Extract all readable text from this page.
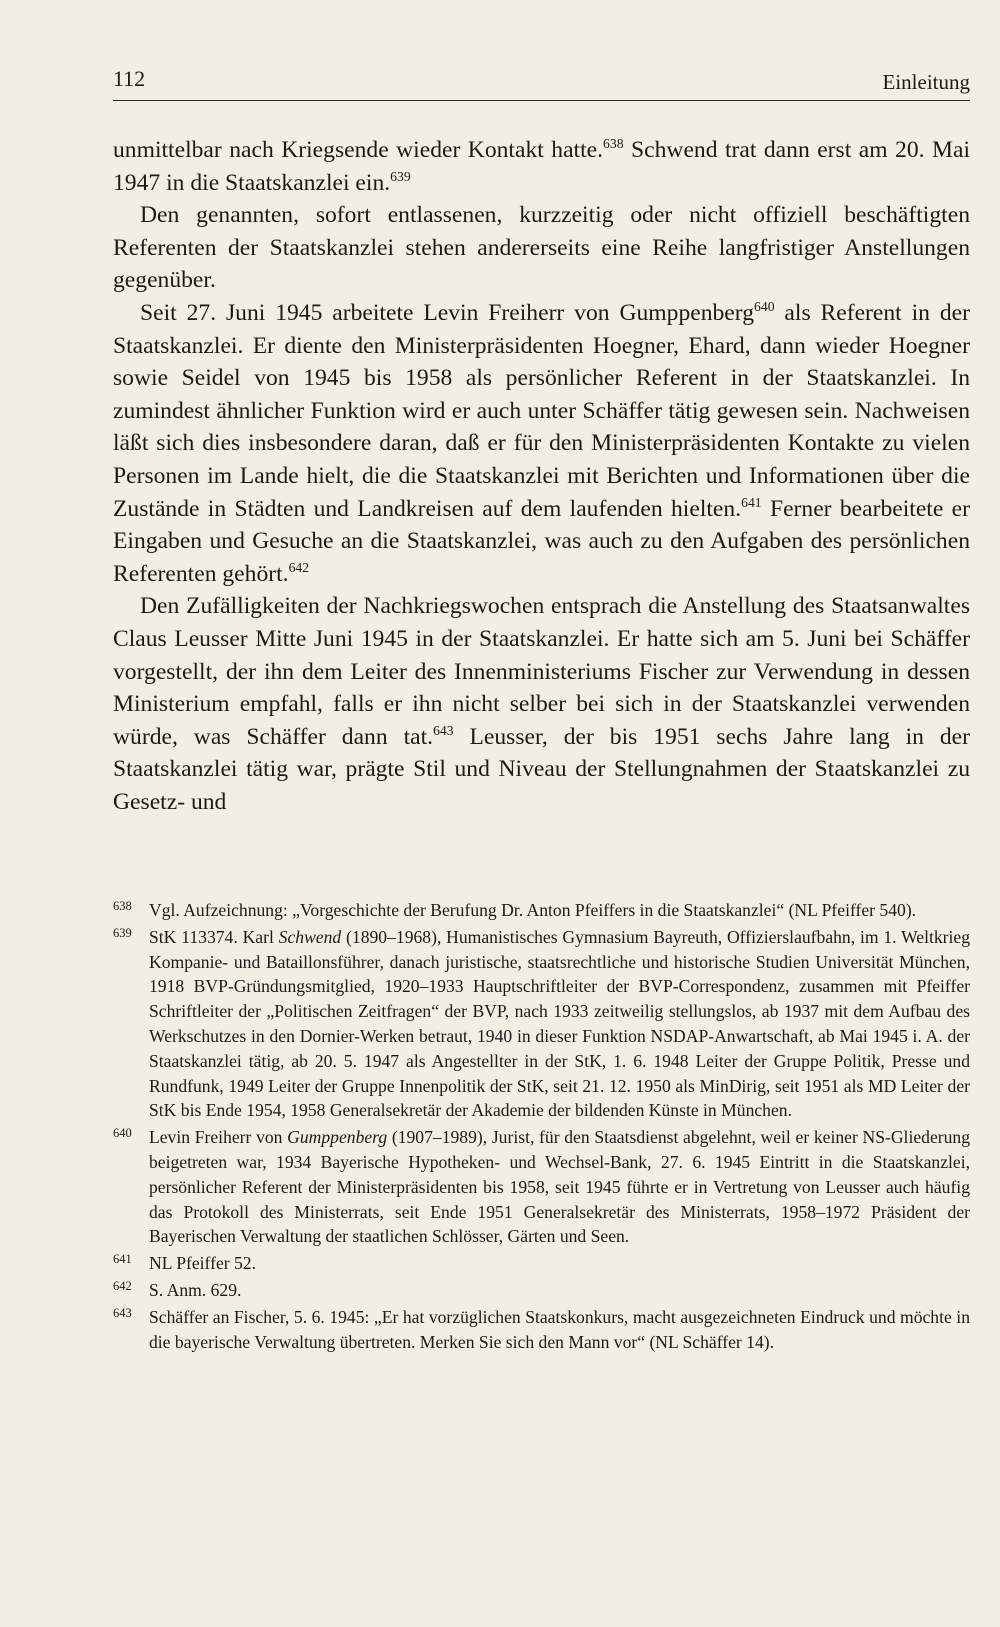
112	Einleitung

unmittelbar nach Kriegsende wieder Kontakt hatte.$^{638}$ Schwend trat dann erst am 20. Mai 1947 in die Staatskanzlei ein.$^{639}$

Den genannten, sofort entlassenen, kurzzeitig oder nicht offiziell beschäftigten Referenten der Staatskanzlei stehen andererseits eine Reihe langfristiger Anstellungen gegenüber.

Seit 27. Juni 1945 arbeitete Levin Freiherr von Gumppenberg$^{640}$ als Referent in der Staatskanzlei. Er diente den Ministerpräsidenten Hoegner, Ehard, dann wieder Hoegner sowie Seidel von 1945 bis 1958 als persönlicher Referent in der Staatskanzlei. In zumindest ähnlicher Funktion wird er auch unter Schäffer tätig gewesen sein. Nachweisen läßt sich dies insbesondere daran, daß er für den Ministerpräsidenten Kontakte zu vielen Personen im Lande hielt, die die Staatskanzlei mit Berichten und Informationen über die Zustände in Städten und Landkreisen auf dem laufenden hielten.$^{641}$ Ferner bearbeitete er Eingaben und Gesuche an die Staatskanzlei, was auch zu den Aufgaben des persönlichen Referenten gehört.$^{642}$

Den Zufälligkeiten der Nachkriegswochen entsprach die Anstellung des Staatsanwaltes Claus Leusser Mitte Juni 1945 in der Staatskanzlei. Er hatte sich am 5. Juni bei Schäffer vorgestellt, der ihn dem Leiter des Innenministeriums Fischer zur Verwendung in dessen Ministerium empfahl, falls er ihn nicht selber bei sich in der Staatskanzlei verwenden würde, was Schäffer dann tat.$^{643}$ Leusser, der bis 1951 sechs Jahre lang in der Staatskanzlei tätig war, prägte Stil und Niveau der Stellungnahmen der Staatskanzlei zu Gesetz- und

638 Vgl. Aufzeichnung: „Vorgeschichte der Berufung Dr. Anton Pfeiffers in die Staatskanzlei“ (NL Pfeiffer 540).
639 StK 113374. Karl Schwend (1890–1968), Humanistisches Gymnasium Bayreuth, Offizierslaufbahn, im 1. Weltkrieg Kompanie- und Bataillonsführer, danach juristische, staatsrechtliche und historische Studien Universität München, 1918 BVP-Gründungsmitglied, 1920–1933 Hauptschriftleiter der BVP-Correspondenz, zusammen mit Pfeiffer Schriftleiter der „Politischen Zeitfragen“ der BVP, nach 1933 zeitweilig stellungslos, ab 1937 mit dem Aufbau des Werkschutzes in den Dornier-Werken betraut, 1940 in dieser Funktion NSDAP-Anwartschaft, ab Mai 1945 i. A. der Staatskanzlei tätig, ab 20. 5. 1947 als Angestellter in der StK, 1. 6. 1948 Leiter der Gruppe Politik, Presse und Rundfunk, 1949 Leiter der Gruppe Innenpolitik der StK, seit 21. 12. 1950 als MinDirig, seit 1951 als MD Leiter der StK bis Ende 1954, 1958 Generalsekretär der Akademie der bildenden Künste in München.
640 Levin Freiherr von Gumppenberg (1907–1989), Jurist, für den Staatsdienst abgelehnt, weil er keiner NS-Gliederung beigetreten war, 1934 Bayerische Hypotheken- und Wechsel-Bank, 27. 6. 1945 Eintritt in die Staatskanzlei, persönlicher Referent der Ministerpräsidenten bis 1958, seit 1945 führte er in Vertretung von Leusser auch häufig das Protokoll des Ministerrats, seit Ende 1951 Generalsekretär des Ministerrats, 1958–1972 Präsident der Bayerischen Verwaltung der staatlichen Schlösser, Gärten und Seen.
641 NL Pfeiffer 52.
642 S. Anm. 629.
643 Schäffer an Fischer, 5. 6. 1945: „Er hat vorzüglichen Staatskonkurs, macht ausgezeichneten Eindruck und möchte in die bayerische Verwaltung übertreten. Merken Sie sich den Mann vor“ (NL Schäffer 14).
